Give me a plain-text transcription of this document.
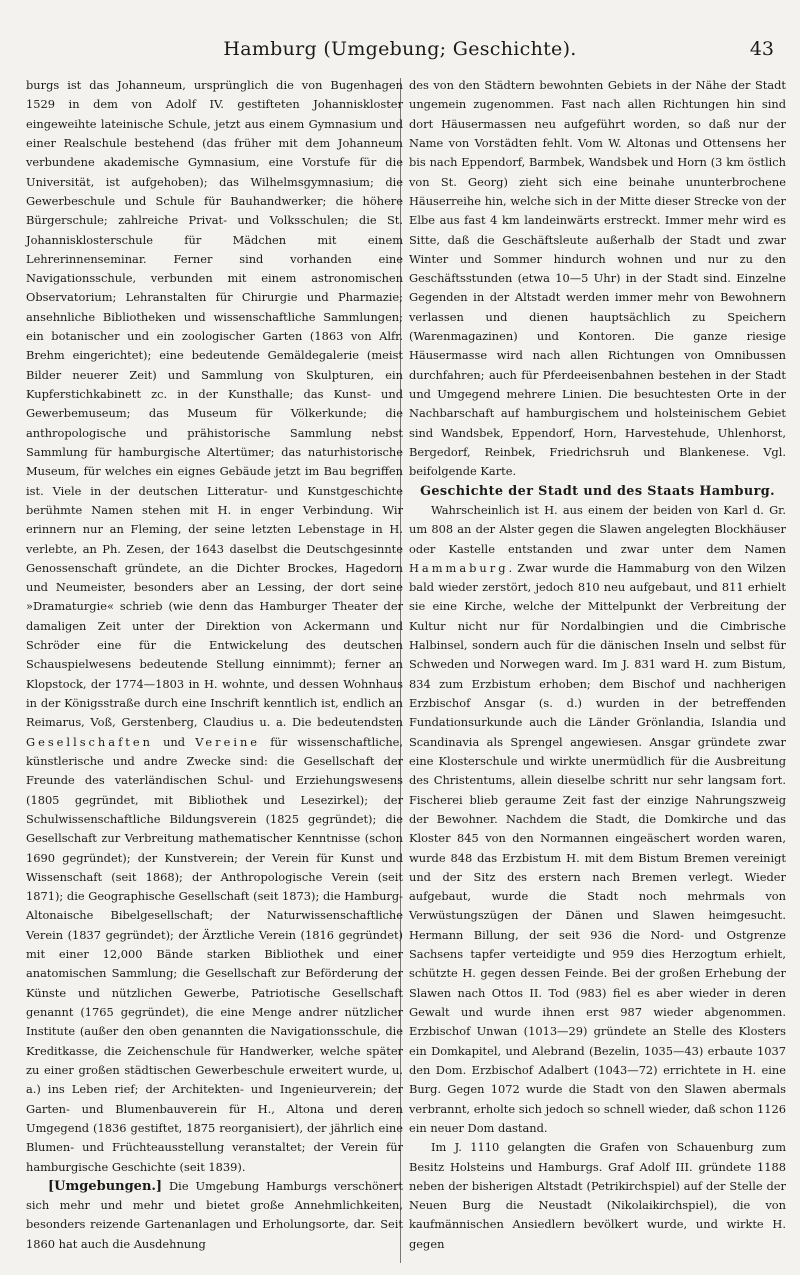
Hamburg (Umgebung; Geschichte).	43

burgs ist das Johanneum, ursprünglich die von Bugenhagen 1529 in dem von Adolf IV. gestifteten Johanniskloster eingeweihte lateinische Schule, jetzt aus einem Gymnasium und einer Realschule bestehend (das früher mit dem Johanneum verbundene akademische Gymnasium, eine Vorstufe für die Universität, ist aufgehoben); das Wilhelmsgymnasium; die Gewerbeschule und Schule für Bauhandwerker; die höhere Bürgerschule; zahlreiche Privat- und Volksschulen; die St. Johannisklosterschule für Mädchen mit einem Lehrerinnenseminar. Ferner sind vorhanden eine Navigationsschule, verbunden mit einem astronomischen Observatorium; Lehranstalten für Chirurgie und Pharmazie; ansehnliche Bibliotheken und wissenschaftliche Sammlungen; ein botanischer und ein zoologischer Garten (1863 von Alfr. Brehm eingerichtet); eine bedeutende Gemäldegalerie (meist Bilder neuerer Zeit) und Sammlung von Skulpturen, ein Kupferstichkabinett zc. in der Kunsthalle; das Kunst- und Gewerbemuseum; das Museum für Völkerkunde; die anthropologische und prähistorische Sammlung nebst Sammlung für hamburgische Altertümer; das naturhistorische Museum, für welches ein eignes Gebäude jetzt im Bau begriffen ist. Viele in der deutschen Litteratur- und Kunstgeschichte berühmte Namen stehen mit H. in enger Verbindung. Wir erinnern nur an Fleming, der seine letzten Lebenstage in H. verlebte, an Ph. Zesen, der 1643 daselbst die Deutschgesinnte Genossenschaft gründete, an die Dichter Brockes, Hagedorn und Neumeister, besonders aber an Lessing, der dort seine »Dramaturgie« schrieb (wie denn das Hamburger Theater der damaligen Zeit unter der Direktion von Ackermann und Schröder eine für die Entwickelung des deutschen Schauspielwesens bedeutende Stellung einnimmt); ferner an Klopstock, der 1774—1803 in H. wohnte, und dessen Wohnhaus in der Königsstraße durch eine Inschrift kenntlich ist, endlich an Reimarus, Voß, Gerstenberg, Claudius u. a. Die bedeutendsten Gesellschaften und Vereine für wissenschaftliche, künstlerische und andre Zwecke sind: die Gesellschaft der Freunde des vaterländischen Schul- und Erziehungswesens (1805 gegründet, mit Bibliothek und Lesezirkel); der Schulwissenschaftliche Bildungsverein (1825 gegründet); die Gesellschaft zur Verbreitung mathematischer Kenntnisse (schon 1690 gegründet); der Kunstverein; der Verein für Kunst und Wissenschaft (seit 1868); der Anthropologische Verein (seit 1871); die Geographische Gesellschaft (seit 1873); die Hamburg-Altonaische Bibelgesellschaft; der Naturwissenschaftliche Verein (1837 gegründet); der Ärztliche Verein (1816 gegründet) mit einer 12,000 Bände starken Bibliothek und einer anatomischen Sammlung; die Gesellschaft zur Beförderung der Künste und nützlichen Gewerbe, Patriotische Gesellschaft genannt (1765 gegründet), die eine Menge andrer nützlicher Institute (außer den oben genannten die Navigationsschule, die Kreditkasse, die Zeichenschule für Handwerker, welche später zu einer großen städtischen Gewerbeschule erweitert wurde, u. a.) ins Leben rief; der Architekten- und Ingenieurverein; der Garten- und Blumenbauverein für H., Altona und deren Umgegend (1836 gestiftet, 1875 reorganisiert), der jährlich eine Blumen- und Früchteausstellung veranstaltet; der Verein für hamburgische Geschichte (seit 1839).

[Umgebungen.] Die Umgebung Hamburgs verschönert sich mehr und mehr und bietet große Annehmlichkeiten, besonders reizende Gartenanlagen und Erholungsorte, dar. Seit 1860 hat auch die Ausdehnung

des von den Städtern bewohnten Gebiets in der Nähe der Stadt ungemein zugenommen. Fast nach allen Richtungen hin sind dort Häusermassen neu aufgeführt worden, so daß nur der Name von Vorstädten fehlt. Vom W. Altonas und Ottensens her bis nach Eppendorf, Barmbek, Wandsbek und Horn (3 km östlich von St. Georg) zieht sich eine beinahe ununterbrochene Häuserreihe hin, welche sich in der Mitte dieser Strecke von der Elbe aus fast 4 km landeinwärts erstreckt. Immer mehr wird es Sitte, daß die Geschäftsleute außerhalb der Stadt und zwar Winter und Sommer hindurch wohnen und nur zu den Geschäftsstunden (etwa 10—5 Uhr) in der Stadt sind. Einzelne Gegenden in der Altstadt werden immer mehr von Bewohnern verlassen und dienen hauptsächlich zu Speichern (Warenmagazinen) und Kontoren. Die ganze riesige Häusermasse wird nach allen Richtungen von Omnibussen durchfahren; auch für Pferdeeisenbahnen bestehen in der Stadt und Umgegend mehrere Linien. Die besuchtesten Orte in der Nachbarschaft auf hamburgischem und holsteinischem Gebiet sind Wandsbek, Eppendorf, Horn, Harvestehude, Uhlenhorst, Bergedorf, Reinbek, Friedrichsruh und Blankenese. Vgl. beifolgende Karte.

Geschichte der Stadt und des Staats Hamburg.

Wahrscheinlich ist H. aus einem der beiden von Karl d. Gr. um 808 an der Alster gegen die Slawen angelegten Blockhäuser oder Kastelle entstanden und zwar unter dem Namen Hammaburg. Zwar wurde die Hammaburg von den Wilzen bald wieder zerstört, jedoch 810 neu aufgebaut, und 811 erhielt sie eine Kirche, welche der Mittelpunkt der Verbreitung der Kultur nicht nur für Nordalbingien und die Cimbrische Halbinsel, sondern auch für die dänischen Inseln und selbst für Schweden und Norwegen ward. Im J. 831 ward H. zum Bistum, 834 zum Erzbistum erhoben; dem Bischof und nachherigen Erzbischof Ansgar (s. d.) wurden in der betreffenden Fundationsurkunde auch die Länder Grönlandia, Islandia und Scandinavia als Sprengel angewiesen. Ansgar gründete zwar eine Klosterschule und wirkte unermüdlich für die Ausbreitung des Christentums, allein dieselbe schritt nur sehr langsam fort. Fischerei blieb geraume Zeit fast der einzige Nahrungszweig der Bewohner. Nachdem die Stadt, die Domkirche und das Kloster 845 von den Normannen eingeäschert worden waren, wurde 848 das Erzbistum H. mit dem Bistum Bremen vereinigt und der Sitz des erstern nach Bremen verlegt. Wieder aufgebaut, wurde die Stadt noch mehrmals von Verwüstungszügen der Dänen und Slawen heimgesucht. Hermann Billung, der seit 936 die Nord- und Ostgrenze Sachsens tapfer verteidigte und 959 dies Herzogtum erhielt, schützte H. gegen dessen Feinde. Bei der großen Erhebung der Slawen nach Ottos II. Tod (983) fiel es aber wieder in deren Gewalt und wurde ihnen erst 987 wieder abgenommen. Erzbischof Unwan (1013—29) gründete an Stelle des Klosters ein Domkapitel, und Alebrand (Bezelin, 1035—43) erbaute 1037 den Dom. Erzbischof Adalbert (1043—72) errichtete in H. eine Burg. Gegen 1072 wurde die Stadt von den Slawen abermals verbrannt, erholte sich jedoch so schnell wieder, daß schon 1126 ein neuer Dom dastand.

Im J. 1110 gelangten die Grafen von Schauenburg zum Besitz Holsteins und Hamburgs. Graf Adolf III. gründete 1188 neben der bisherigen Altstadt (Petrikirchspiel) auf der Stelle der Neuen Burg die Neustadt (Nikolaikirchspiel), die von kaufmännischen Ansiedlern bevölkert wurde, und wirkte H. gegen
